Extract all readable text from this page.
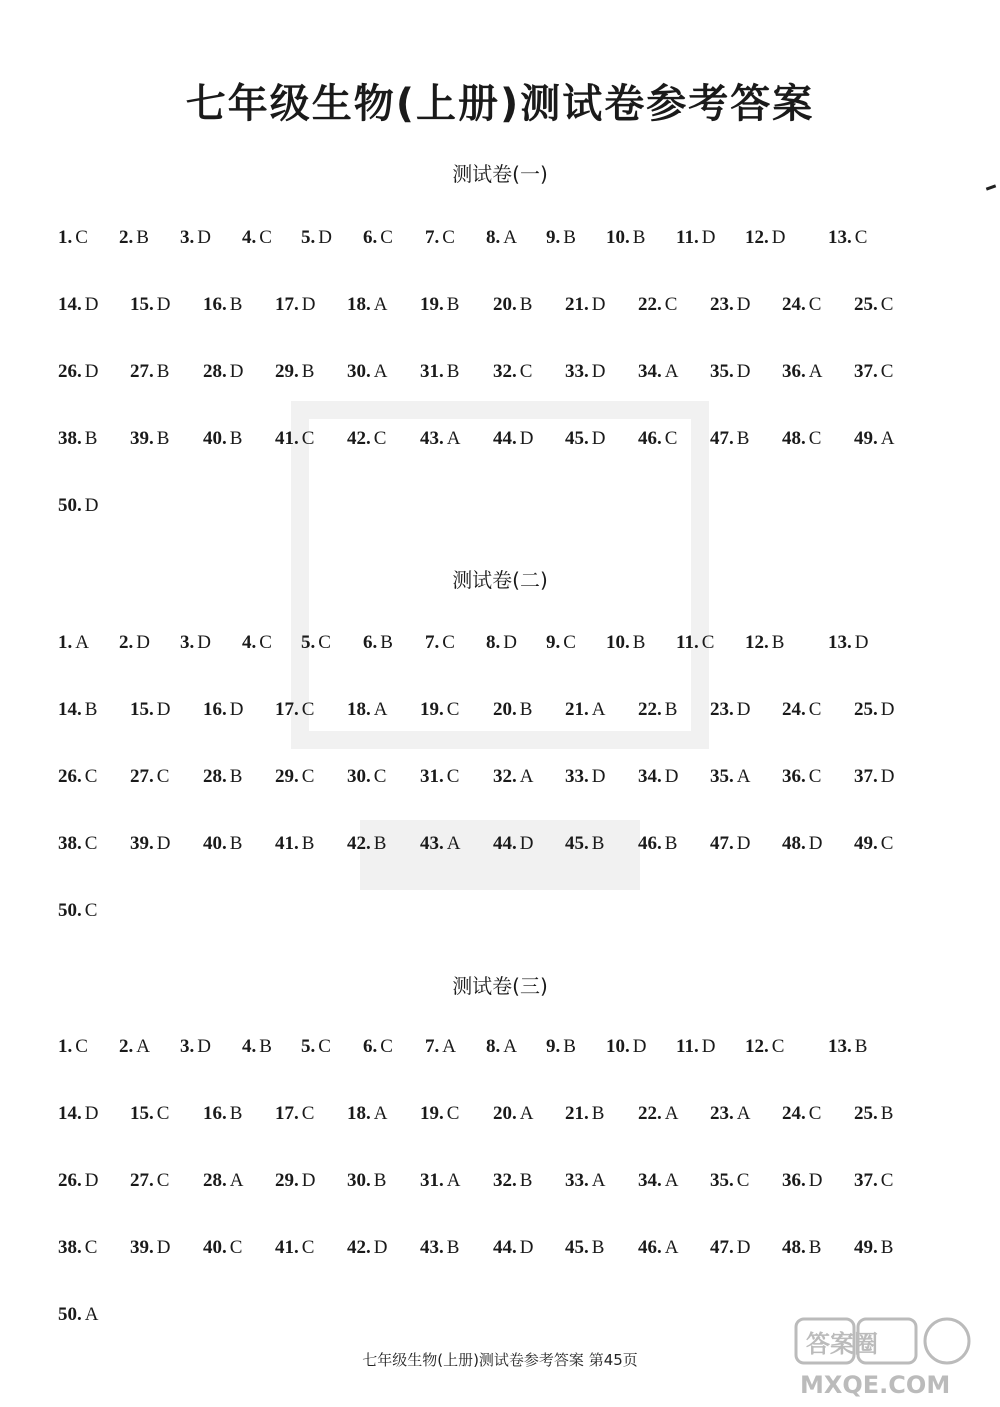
七年级生物(上册)测试卷参考答案
测试卷(一)
1. C 2. B 3. D 4. C 5. D 6. C 7. C 8. A 9. B 10. B 11. D 12. D 13. C
14. D 15. D 16. B 17. D 18. A 19. B 20. B 21. D 22. C 23. D 24. C 25. C
26. D 27. B 28. D 29. B 30. A 31. B 32. C 33. D 34. A 35. D 36. A 37. C
38. B 39. B 40. B 41. C 42. C 43. A 44. D 45. D 46. C 47. B 48. C 49. A
50. D
测试卷(二)
1. A 2. D 3. D 4. C 5. C 6. B 7. C 8. D 9. C 10. B 11. C 12. B 13. D
14. B 15. D 16. D 17. C 18. A 19. C 20. B 21. A 22. B 23. D 24. C 25. D
26. C 27. C 28. B 29. C 30. C 31. C 32. A 33. D 34. D 35. A 36. C 37. D
38. C 39. D 40. B 41. B 42. B 43. A 44. D 45. B 46. B 47. D 48. D 49. C
50. C
测试卷(三)
1. C 2. A 3. D 4. B 5. C 6. C 7. A 8. A 9. B 10. D 11. D 12. C 13. B
14. D 15. C 16. B 17. C 18. A 19. C 20. A 21. B 22. A 23. A 24. C 25. B
26. D 27. C 28. A 29. D 30. B 31. A 32. B 33. A 34. A 35. C 36. D 37. C
38. C 39. D 40. C 41. C 42. D 43. B 44. D 45. B 46. A 47. D 48. B 49. B
50. A
七年级生物(上册)测试卷参考答案 第45页
MXQE.COM
答案圈
